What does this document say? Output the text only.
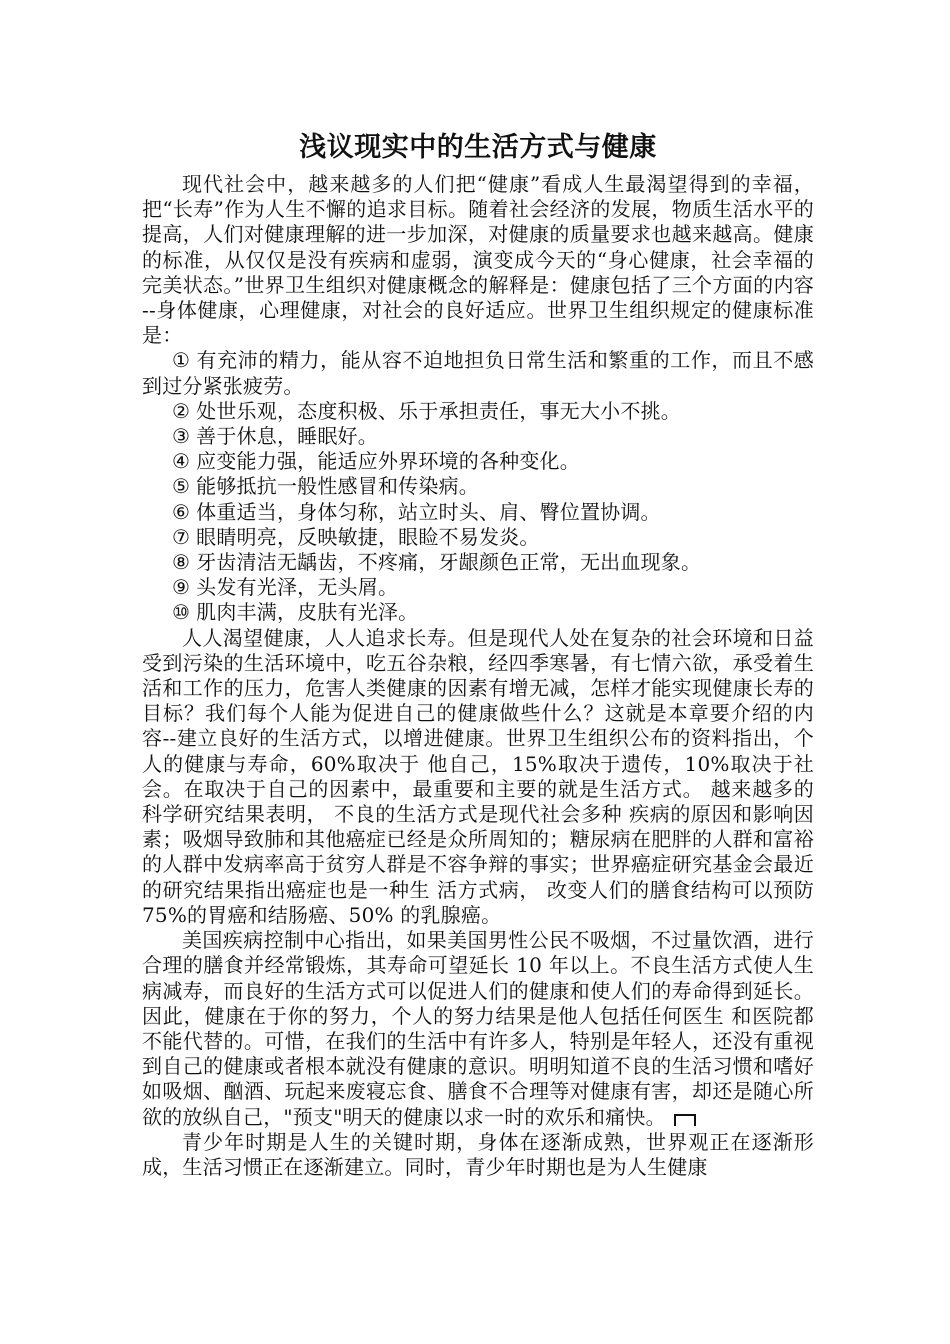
浅议现实中的生活方式与健康

现代社会中，越来越多的人们把“健康”看成人生最渴望得到的幸福，把“长寿”作为人生不懈的追求目标。随着社会经济的发展，物质生活水平的提高，人们对健康理解的进一步加深，对健康的质量要求也越来越高。健康的标准，从仅仅是没有疾病和虚弱，演变成今天的“身心健康，社会幸福的完美状态。”世界卫生组织对健康概念的解释是：健康包括了三个方面的内容 --身体健康，心理健康，对社会的良好适应。世界卫生组织规定的健康标准是：

① 有充沛的精力，能从容不迫地担负日常生活和繁重的工作，而且不感到过分紧张疲劳。
② 处世乐观，态度积极、乐于承担责任，事无大小不挑。
③ 善于休息，睡眠好。
④ 应变能力强，能适应外界环境的各种变化。
⑤ 能够抵抗一般性感冒和传染病。
⑥ 体重适当，身体匀称，站立时头、肩、臀位置协调。
⑦ 眼睛明亮，反映敏捷，眼睑不易发炎。
⑧ 牙齿清洁无龋齿，不疼痛，牙龈颜色正常，无出血现象。
⑨ 头发有光泽，无头屑。
⑩ 肌肉丰满，皮肤有光泽。

人人渴望健康，人人追求长寿。但是现代人处在复杂的社会环境和日益受到污染的生活环境中，吃五谷杂粮，经四季寒暑，有七情六欲，承受着生活和工作的压力，危害人类健康的因素有增无减，怎样才能实现健康长寿的目标？我们每个人能为促进自己的健康做些什么？这就是本章要介绍的内容--建立良好的生活方式，以增进健康。世界卫生组织公布的资料指出，个人的健康与寿命，60%取决于 他自己，15%取决于遗传，10%取决于社会。在取决于自己的因素中，最重要和主要的就是生活方式。 越来越多的科学研究结果表明， 不良的生活方式是现代社会多种 疾病的原因和影响因素；吸烟导致肺和其他癌症已经是众所周知的；糖尿病在肥胖的人群和富裕的人群中发病率高于贫穷人群是不容争辩的事实；世界癌症研究基金会最近的研究结果指出癌症也是一种生 活方式病， 改变人们的膳食结构可以预防 75%的胃癌和结肠癌、50% 的乳腺癌。

美国疾病控制中心指出，如果美国男性公民不吸烟，不过量饮酒，进行合理的膳食并经常锻炼，其寿命可望延长 10 年以上。不良生活方式使人生病减寿，而良好的生活方式可以促进人们的健康和使人们的寿命得到延长。因此，健康在于你的努力，个人的努力结果是他人包括任何医生 和医院都不能代替的。可惜，在我们的生活中有许多人，特别是年轻人，还没有重视到自己的健康或者根本就没有健康的意识。明明知道不良的生活习惯和嗜好如吸烟、酗酒、玩起来废寝忘食、膳食不合理等对健康有害，却还是随心所欲的放纵自己，"预支"明天的健康以求一时的欢乐和痛快。

青少年时期是人生的关键时期，身体在逐渐成熟，世界观正在逐渐形成，生活习惯正在逐渐建立。同时，青少年时期也是为人生健康
